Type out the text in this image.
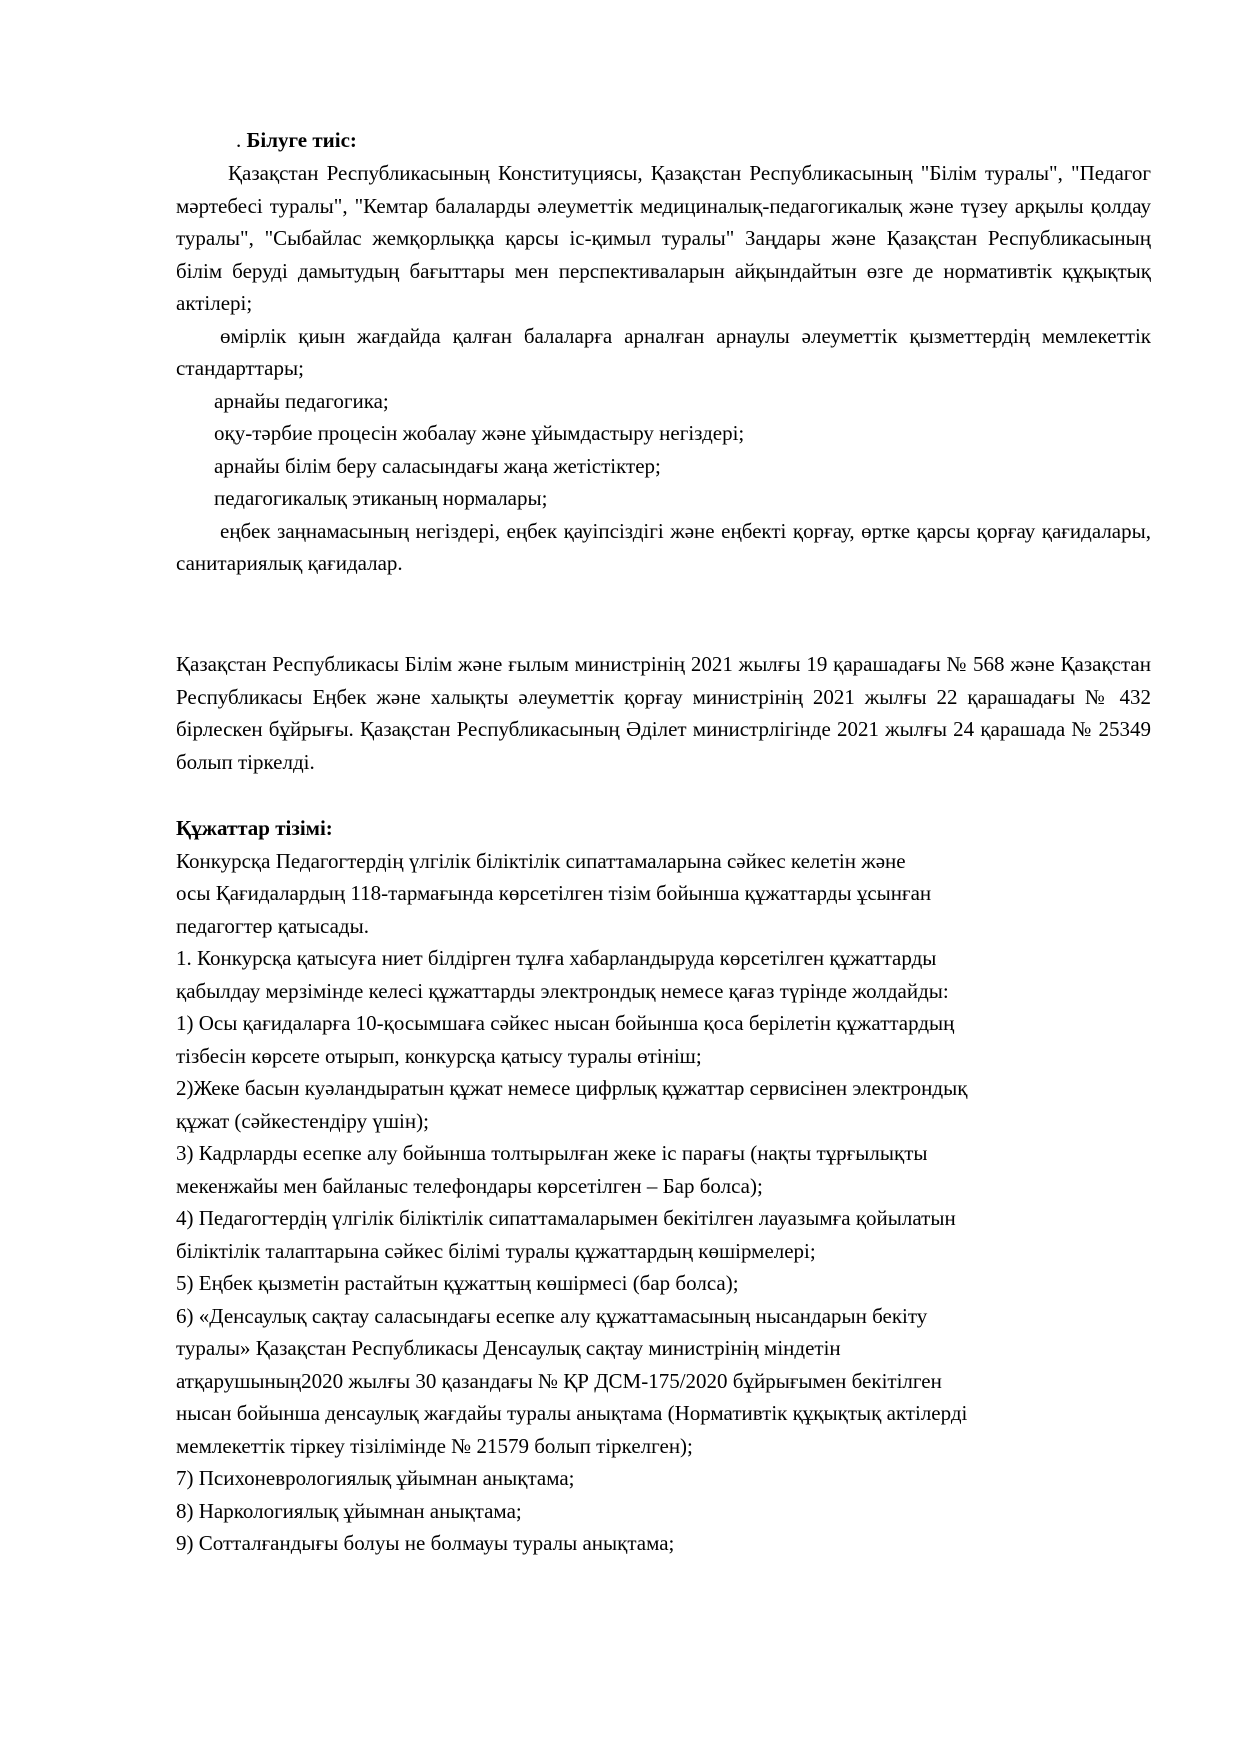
. Білуге тиіс:

Қазақстан Республикасының Конституциясы, Қазақстан Республикасының "Білім туралы", "Педагог мәртебесі туралы", "Кемтар балаларды әлеуметтік медициналық-педагогикалық және түзеу арқылы қолдау туралы", "Сыбайлас жемқорлыққа қарсы іс-қимыл туралы" Заңдары және Қазақстан Республикасының білім беруді дамытудың бағыттары мен перспективаларын айқындайтын өзге де нормативтік құқықтық актілері;

өмірлік қиын жағдайда қалған балаларға арналған арнаулы әлеуметтік қызметтердің мемлекеттік стандарттары;

арнайы педагогика;

оқу-тәрбие процесін жобалау және ұйымдастыру негіздері;

арнайы білім беру саласындағы жаңа жетістіктер;

педагогикалық этиканың нормалары;

еңбек заңнамасының негіздері, еңбек қауіпсіздігі және еңбекті қорғау, өртке қарсы қорғау қағидалары, санитариялық қағидалар.

Қазақстан Республикасы Білім және ғылым министрінің 2021 жылғы 19 қарашадағы № 568 және Қазақстан Республикасы Еңбек және халықты әлеуметтік қорғау министрінің 2021 жылғы 22 қарашадағы № 432 бірлескен бұйрығы. Қазақстан Республикасының Әділет министрлігінде 2021 жылғы 24 қарашада № 25349 болып тіркелді.

Құжаттар тізімі:

Конкурсқа Педагогтердің үлгілік біліктілік сипаттамаларына сәйкес келетін және

осы Қағидалардың 118-тармағында көрсетілген тізім бойынша құжаттарды ұсынған

педагогтер қатысады.

1. Конкурсқа қатысуға ниет білдірген тұлға хабарландыруда көрсетілген құжаттарды

қабылдау мерзімінде келесі құжаттарды электрондық немесе қағаз түрінде жолдайды:

1) Осы қағидаларға 10-қосымшаға сәйкес нысан бойынша қоса берілетін құжаттардың

тізбесін көрсете отырып, конкурсқа қатысу туралы өтініш;

2)Жеке басын куәландыратын құжат немесе цифрлық құжаттар сервисінен электрондық

құжат (сәйкестендіру үшін);

3) Кадрларды есепке алу бойынша толтырылған жеке іс парағы (нақты тұрғылықты

мекенжайы мен байланыс телефондары көрсетілген – Бар болса);

4) Педагогтердің үлгілік біліктілік сипаттамаларымен бекітілген лауазымға қойылатын

біліктілік талаптарына сәйкес білімі туралы құжаттардың көшірмелері;

5) Еңбек қызметін растайтын құжаттың көшірмесі (бар болса);

6) «Денсаулық сақтау саласындағы есепке алу құжаттамасының нысандарын бекіту

туралы» Қазақстан Республикасы Денсаулық сақтау министрінің міндетін

атқарушының2020 жылғы 30 қазандағы № ҚР ДСМ-175/2020 бұйрығымен бекітілген

нысан бойынша денсаулық жағдайы туралы анықтама (Нормативтік құқықтық актілерді

мемлекеттік тіркеу тізілімінде № 21579 болып тіркелген);

7) Психоневрологиялық ұйымнан анықтама;

8) Наркологиялық ұйымнан анықтама;

9) Сотталғандығы болуы не болмауы туралы анықтама;
